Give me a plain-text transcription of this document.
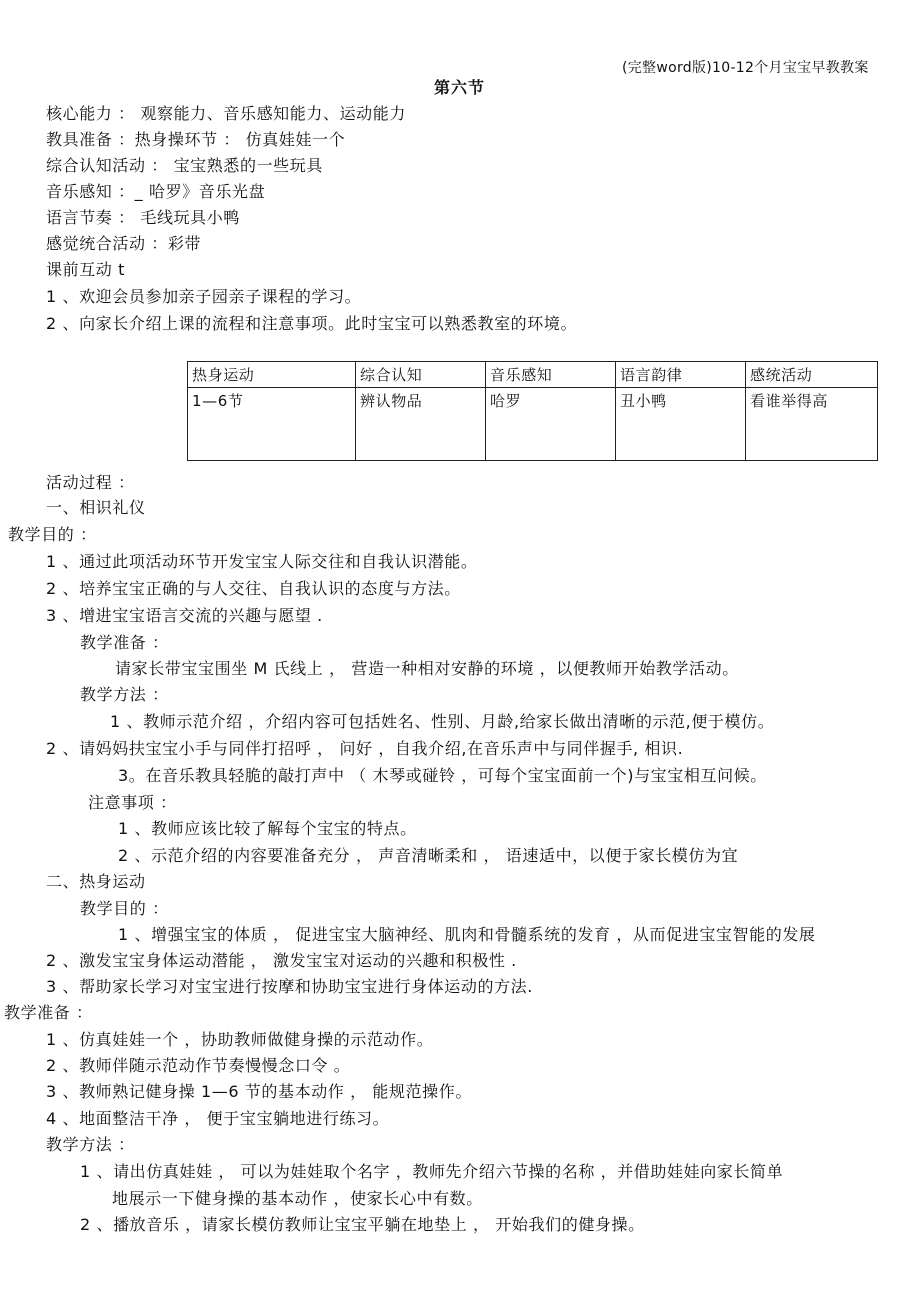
(完整word版)10-12个月宝宝早教教案
第六节
核心能力 ： 观察能力、音乐感知能力、运动能力
教具准备 ：热身操环节 ： 仿真娃娃一个
综合认知活动 ： 宝宝熟悉的一些玩具
音乐感知 ：_ 哈罗》音乐光盘
语言节奏 ： 毛线玩具小鸭
感觉统合活动 ：彩带
课前互动 t
1 、欢迎会员参加亲子园亲子课程的学习。
2 、向家长介绍上课的流程和注意事项。此时宝宝可以熟悉教室的环境。
热身运动	综合认知	音乐感知	语言韵律	感统活动
1—6节	辨认物品	哈罗	丑小鸭	看谁举得高
活动过程 ：
一、相识礼仪
教学目的 ：
1 、通过此项活动环节开发宝宝人际交往和自我认识潜能。
2 、培养宝宝正确的与人交往、自我认识的态度与方法。
3 、增进宝宝语言交流的兴趣与愿望 .
教学准备 ：
请家长带宝宝围坐 M 氏线上 ， 营造一种相对安静的环境 ，以便教师开始教学活动。
教学方法 ：
1 、教师示范介绍 ，介绍内容可包括姓名、性别、月龄,给家长做出清晰的示范,便于模仿。
2 、请妈妈扶宝宝小手与同伴打招呼 ， 问好 ，自我介绍,在音乐声中与同伴握手, 相识.
3。在音乐教具轻脆的敲打声中 （ 木琴或碰铃 ，可每个宝宝面前一个)与宝宝相互问候。
注意事项 ：
1 、教师应该比较了解每个宝宝的特点。
2 、示范介绍的内容要准备充分 ， 声音清晰柔和 ， 语速适中，以便于家长模仿为宜
二、热身运动
教学目的 ：
1 、增强宝宝的体质 ， 促进宝宝大脑神经、肌肉和骨髓系统的发育 ，从而促进宝宝智能的发展
2 、激发宝宝身体运动潜能 ， 激发宝宝对运动的兴趣和积极性 .
3 、帮助家长学习对宝宝进行按摩和协助宝宝进行身体运动的方法.
教学准备 ：
1 、仿真娃娃一个 ，协助教师做健身操的示范动作。
2 、教师伴随示范动作节奏慢慢念口令 。
3 、教师熟记健身操 1—6 节的基本动作 ， 能规范操作。
4 、地面整洁干净 ， 便于宝宝躺地进行练习。
教学方法 ：
1 、请出仿真娃娃 ， 可以为娃娃取个名字 ，教师先介绍六节操的名称 ，并借助娃娃向家长简单
地展示一下健身操的基本动作 ，使家长心中有数。
2 、播放音乐 ，请家长模仿教师让宝宝平躺在地垫上 ， 开始我们的健身操。
